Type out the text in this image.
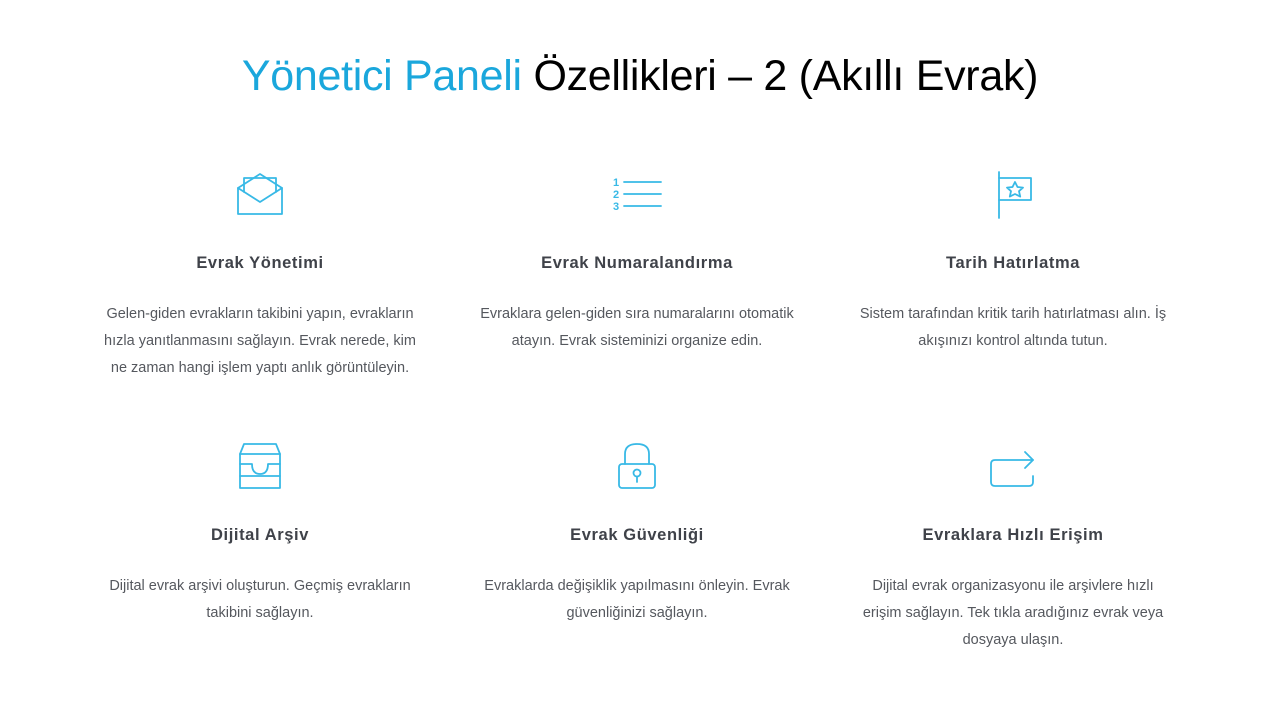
Yönetici Paneli Özellikleri – 2 (Akıllı Evrak)
Evrak Yönetimi
Gelen-giden evrakların takibini yapın, evrakların
hızla yanıtlanmasını sağlayın. Evrak nerede, kim
ne zaman hangi işlem yaptı anlık görüntüleyin.
1
2
3
Evrak Numaralandırma
Evraklara gelen-giden sıra numaralarını otomatik
atayın. Evrak sisteminizi organize edin.
Tarih Hatırlatma
Sistem tarafından kritik tarih hatırlatması alın. İş
akışınızı kontrol altında tutun.
Dijital Arşiv
Dijital evrak arşivi oluşturun. Geçmiş evrakların
takibini sağlayın.
Evrak Güvenliği
Evraklarda değişiklik yapılmasını önleyin. Evrak
güvenliğinizi sağlayın.
Evraklara Hızlı Erişim
Dijital evrak organizasyonu ile arşivlere hızlı
erişim sağlayın. Tek tıkla aradığınız evrak veya
dosyaya ulaşın.
